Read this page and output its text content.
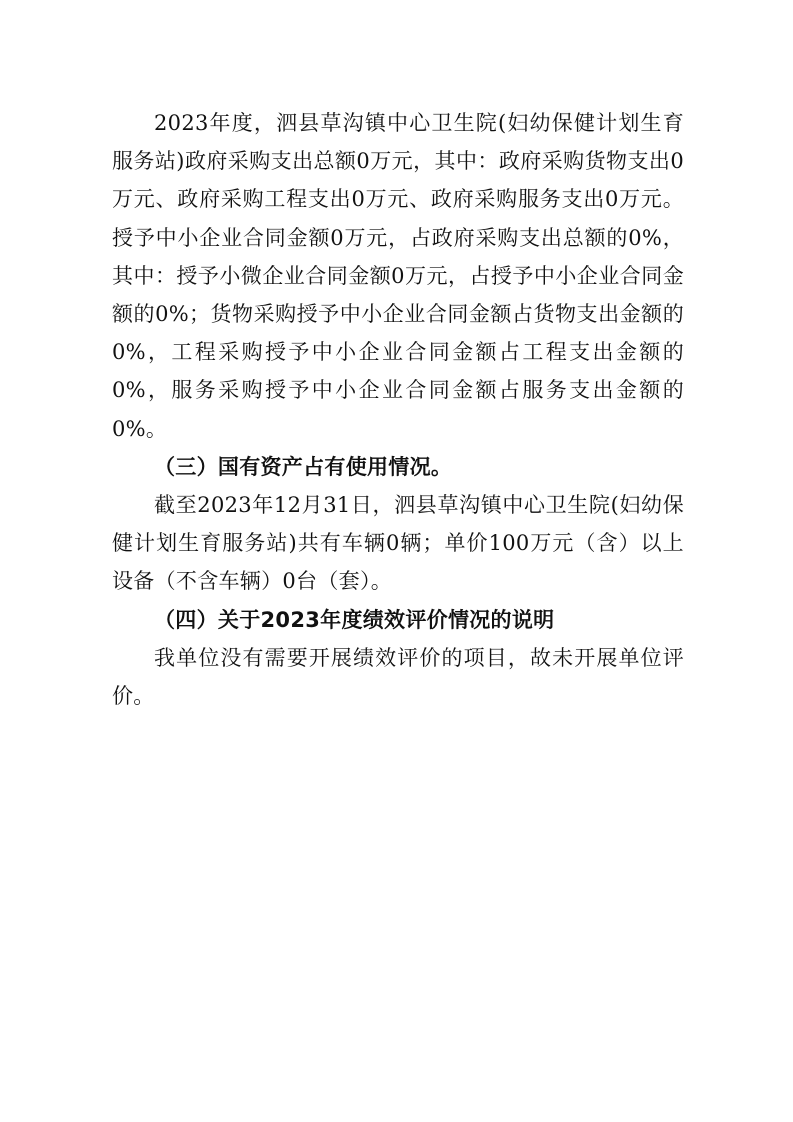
2023年度，泗县草沟镇中心卫生院(妇幼保健计划生育服务站)政府采购支出总额0万元，其中：政府采购货物支出0万元、政府采购工程支出0万元、政府采购服务支出0万元。授予中小企业合同金额0万元，占政府采购支出总额的0%，其中：授予小微企业合同金额0万元，占授予中小企业合同金额的0%；货物采购授予中小企业合同金额占货物支出金额的0%，工程采购授予中小企业合同金额占工程支出金额的0%，服务采购授予中小企业合同金额占服务支出金额的0%。

（三）国有资产占有使用情况。

截至2023年12月31日，泗县草沟镇中心卫生院(妇幼保健计划生育服务站)共有车辆0辆；单价100万元（含）以上设备（不含车辆）0台（套）。

（四）关于2023年度绩效评价情况的说明

我单位没有需要开展绩效评价的项目，故未开展单位评价。
